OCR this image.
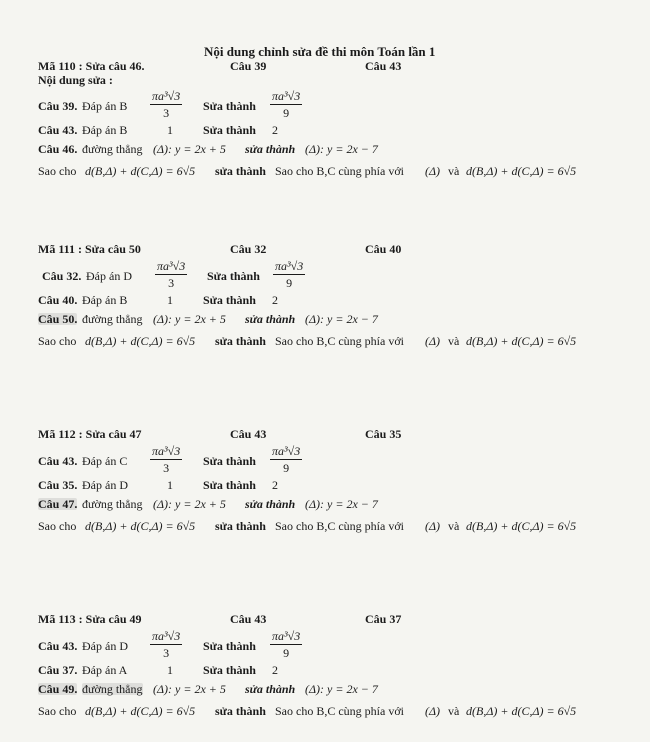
Nội dung chỉnh sửa đề thi môn Toán lần 1
Mã 110 : Sửa câu 46.	Câu 39	Câu 43
Nội dung sửa :
Câu 39. Đáp án B $\frac{\text{πa³√3}}{3}$ Sửa thành $\frac{\text{πa³√3}}{9}$
Câu 43. Đáp án B	1	Sửa thành 2
Câu 46. đường thẳng (Δ): y = 2x + 5 sửa thành (Δ): y = 2x − 7
Sao cho d(B,Δ) + d(C,Δ) = 6√5 sửa thành Sao cho B,C cùng phía với (Δ) và d(B,Δ) + d(C,Δ) = 6√5
Mã 111 : Sửa câu 50	Câu 32	Câu 40
Câu 32. Đáp án D $\frac{\text{πa³√3}}{3}$ Sửa thành $\frac{\text{πa³√3}}{9}$
Câu 40. Đáp án B	1	Sửa thành 2
Câu 50. đường thẳng (Δ): y = 2x + 5 sửa thành (Δ): y = 2x − 7
Sao cho d(B,Δ) + d(C,Δ) = 6√5 sửa thành Sao cho B,C cùng phía với (Δ) và d(B,Δ) + d(C,Δ) = 6√5
Mã 112 : Sửa câu 47	Câu 43	Câu 35
Câu 43. Đáp án C $\frac{\text{πa³√3}}{3}$ Sửa thành $\frac{\text{πa³√3}}{9}$
Câu 35. Đáp án D	1	Sửa thành 2
Câu 47. đường thẳng (Δ): y = 2x + 5 sửa thành (Δ): y = 2x − 7
Sao cho d(B,Δ) + d(C,Δ) = 6√5 sửa thành Sao cho B,C cùng phía với (Δ) và d(B,Δ) + d(C,Δ) = 6√5
Mã 113 : Sửa câu 49	Câu 43	Câu 37
Câu 43. Đáp án D $\frac{\text{πa³√3}}{3}$ Sửa thành $\frac{\text{πa³√3}}{9}$
Câu 37. Đáp án A	1	Sửa thành 2
Câu 49. đường thẳng (Δ): y = 2x + 5 sửa thành (Δ): y = 2x − 7
Sao cho d(B,Δ) + d(C,Δ) = 6√5 sửa thành Sao cho B,C cùng phía với (Δ) và d(B,Δ) + d(C,Δ) = 6√5
